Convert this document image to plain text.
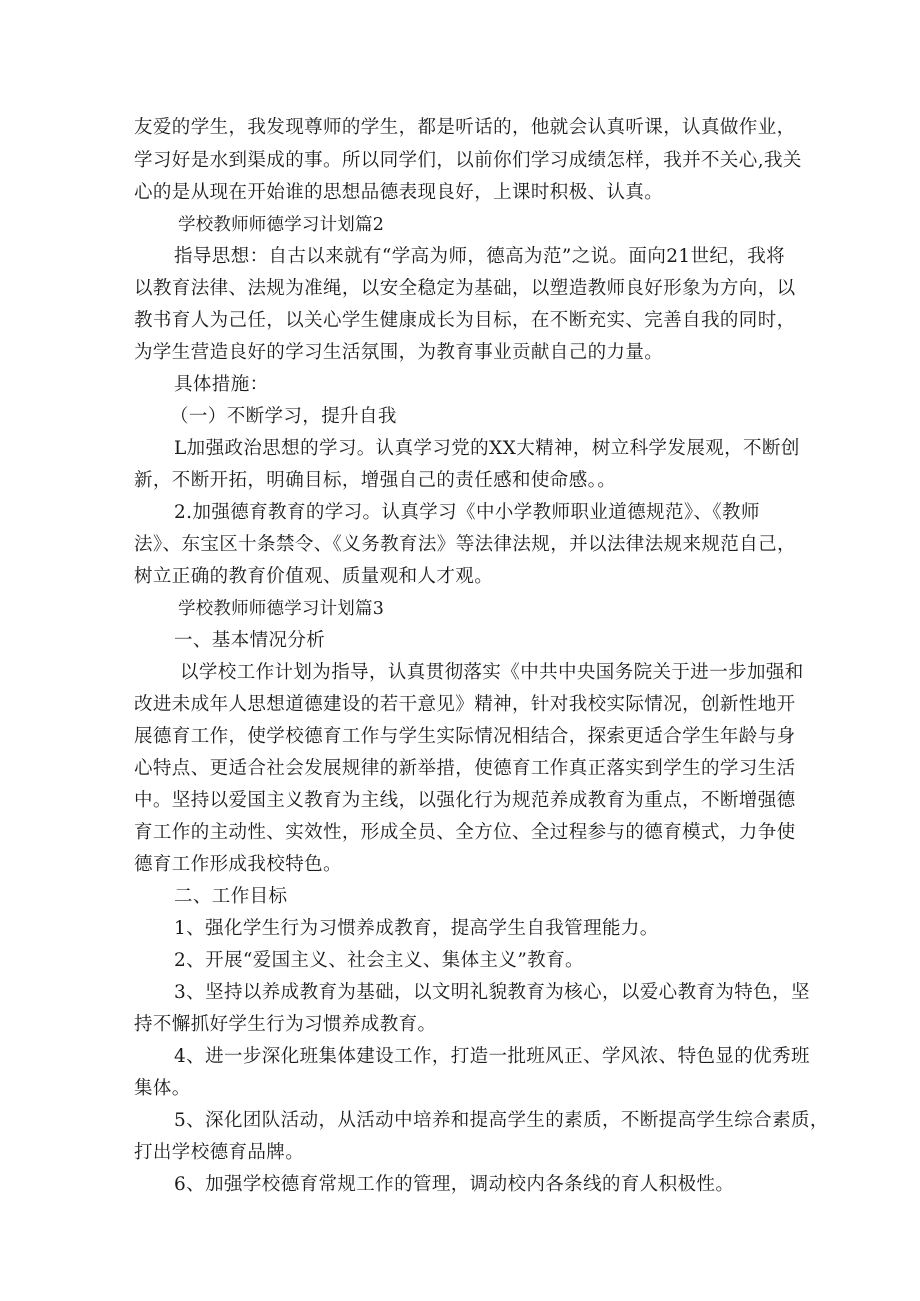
友爱的学生，我发现尊师的学生，都是听话的，他就会认真听课，认真做作业，

学习好是水到渠成的事。所以同学们，以前你们学习成绩怎样，我并不关心,我关

心的是从现在开始谁的思想品德表现良好，上课时积极、认真。

学校教师师德学习计划篇2

指导思想：自古以来就有“学高为师，德高为范”之说。面向21世纪，我将

以教育法律、法规为准绳，以安全稳定为基础，以塑造教师良好形象为方向，以

教书育人为己任，以关心学生健康成长为目标，在不断充实、完善自我的同时，

为学生营造良好的学习生活氛围，为教育事业贡献自己的力量。

具体措施：

（一）不断学习，提升自我

L加强政治思想的学习。认真学习党的XX大精神，树立科学发展观，不断创

新，不断开拓，明确目标，增强自己的责任感和使命感。。

2.加强德育教育的学习。认真学习《中小学教师职业道德规范》、《教师

法》、东宝区十条禁令、《义务教育法》等法律法规，并以法律法规来规范自己，

树立正确的教育价值观、质量观和人才观。

学校教师师德学习计划篇3

一、基本情况分析

以学校工作计划为指导，认真贯彻落实《中共中央国务院关于进一步加强和

改进未成年人思想道德建设的若干意见》精神，针对我校实际情况，创新性地开

展德育工作，使学校德育工作与学生实际情况相结合，探索更适合学生年龄与身

心特点、更适合社会发展规律的新举措，使德育工作真正落实到学生的学习生活

中。坚持以爱国主义教育为主线，以强化行为规范养成教育为重点，不断增强德

育工作的主动性、实效性，形成全员、全方位、全过程参与的德育模式，力争使

德育工作形成我校特色。

二、工作目标

1、强化学生行为习惯养成教育，提高学生自我管理能力。

2、开展“爱国主义、社会主义、集体主义”教育。

3、坚持以养成教育为基础，以文明礼貌教育为核心，以爱心教育为特色，坚

持不懈抓好学生行为习惯养成教育。

4、进一步深化班集体建设工作，打造一批班风正、学风浓、特色显的优秀班

集体。

5、深化团队活动，从活动中培养和提高学生的素质，不断提高学生综合素质，

打出学校德育品牌。

6、加强学校德育常规工作的管理，调动校内各条线的育人积极性。
